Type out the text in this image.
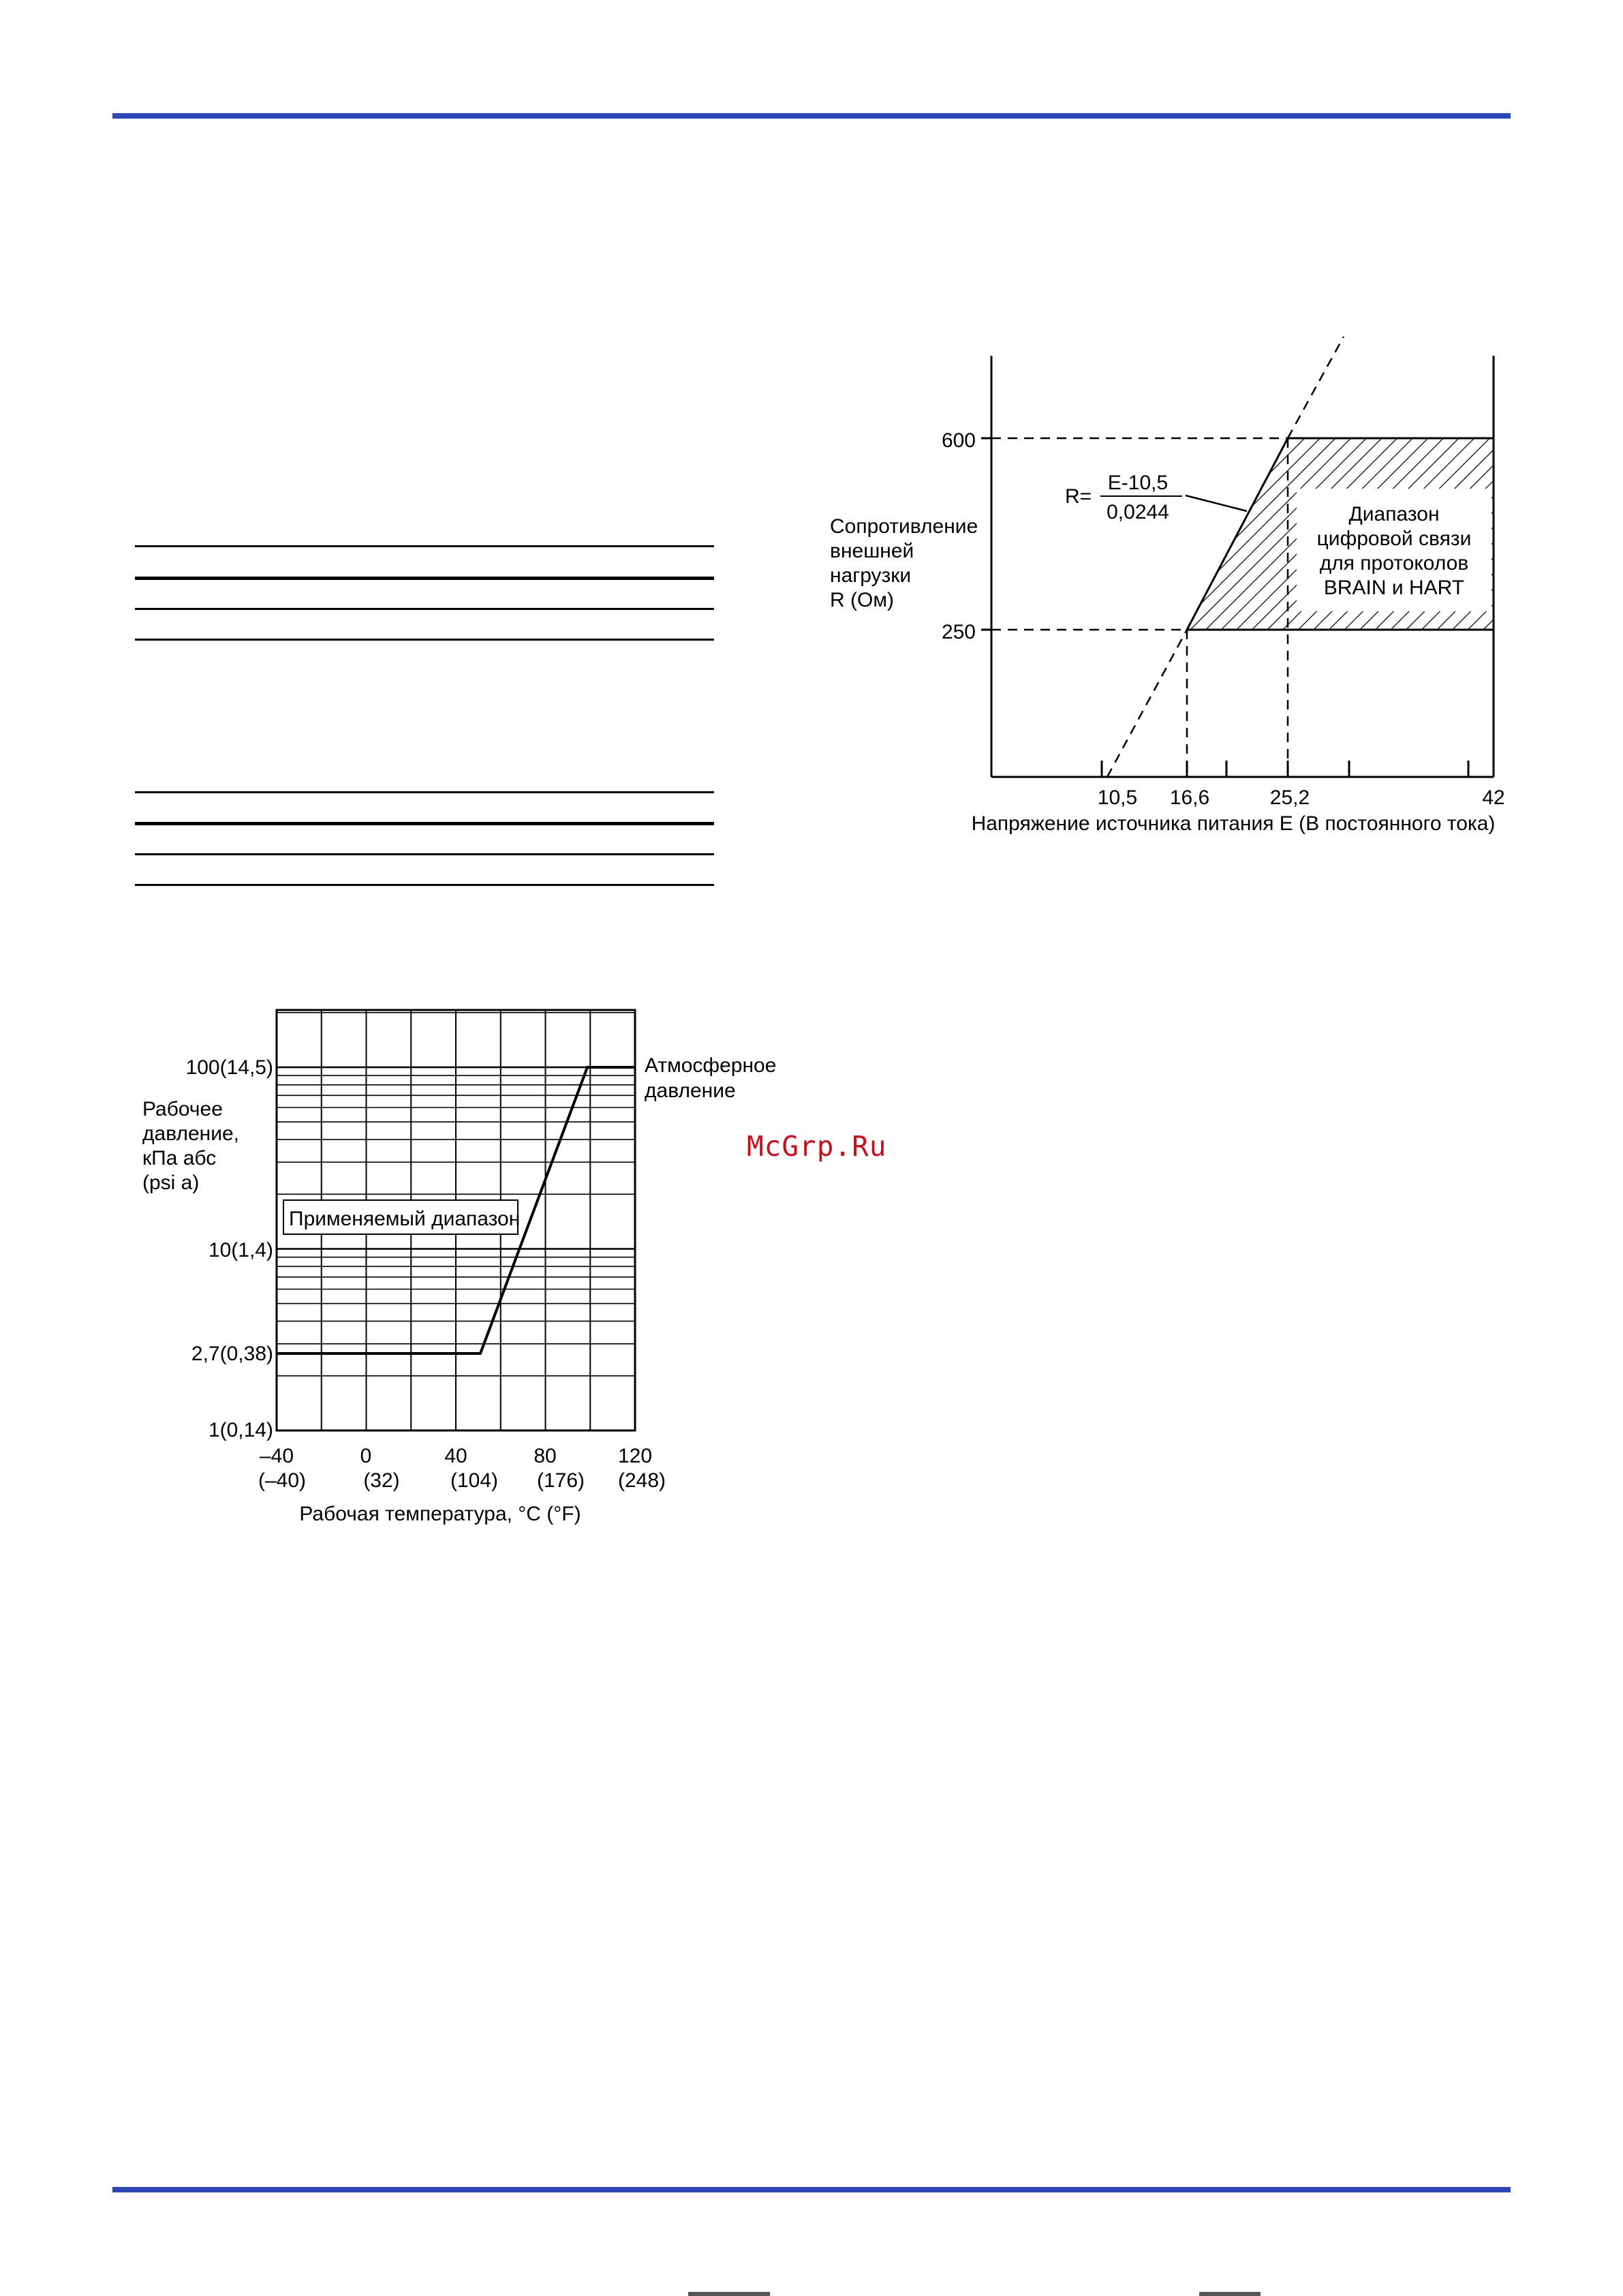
McGrp.Ru
600
250
10,5 16,6	25,2	42
Напряжение источника питания Е (В постоянного тока)
Сопротивление
внешней
нагрузки
R (Ом)
R=
E-10,5
0,0244	Диапазон
цифровой связи
для протоколов
BRAIN и HART
Применяемый диапазон
Атмосферное
давление
100(14,5)
10(1,4)
2,7(0,38)
1(0,14)
Рабочее
давление,
кПа абс
(psi a)
–40	0	40	80	120
(–40)	(32) (104) (176) (248)
Рабочая температура, °С (°F)
